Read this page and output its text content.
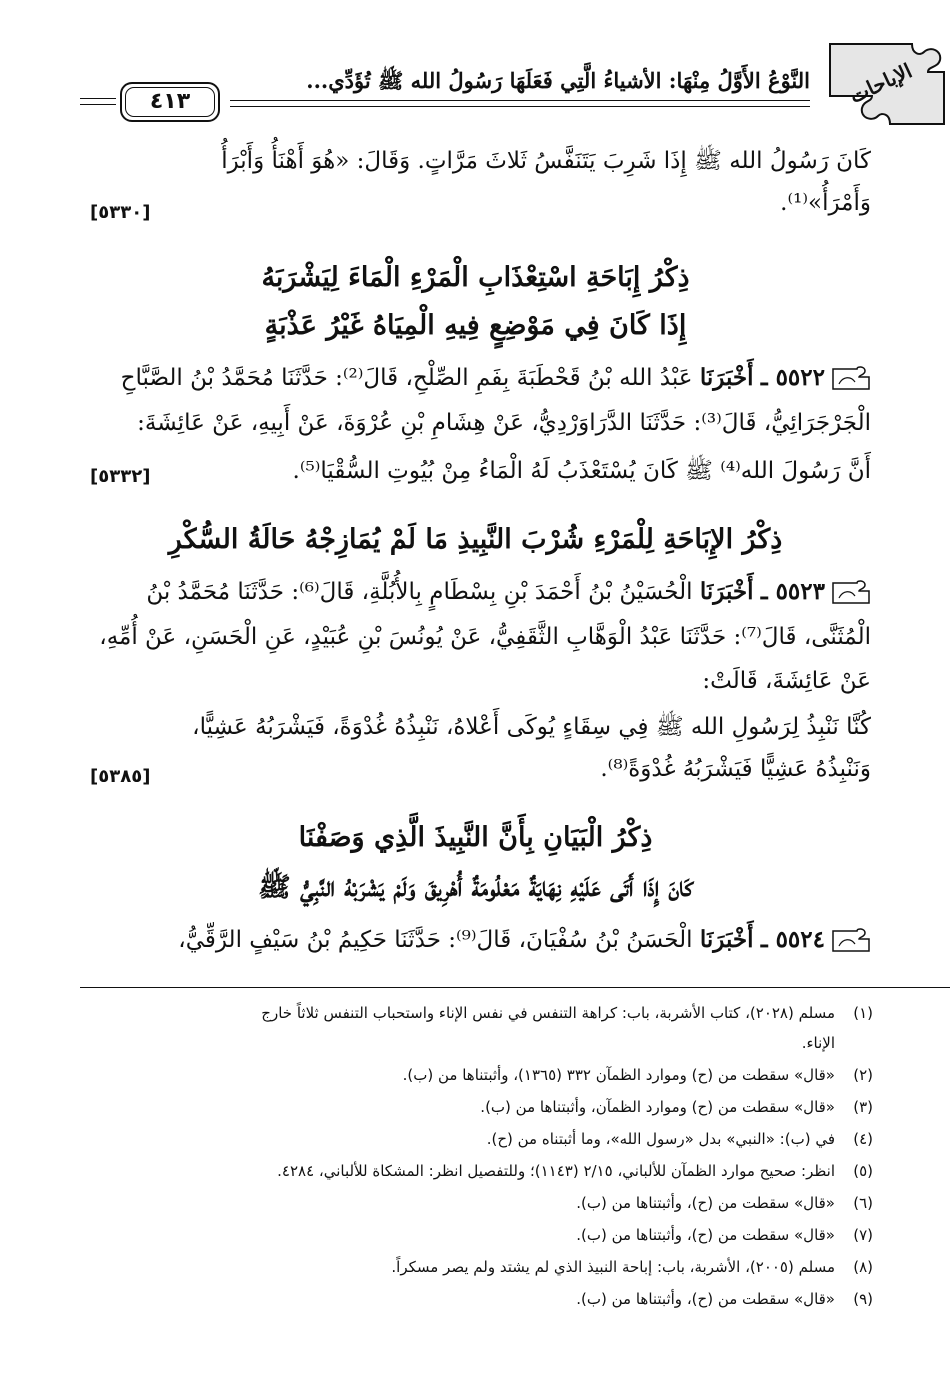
الإباحات
النَّوْعُ الأَوَّلُ مِنْهَا: الأشياءُ الَّتِي فَعَلَهَا رَسُولُ الله ﷺ تُؤَدِّي...
٤١٣
كَانَ رَسُولُ الله ﷺ إِذَا شَرِبَ يَتَنَفَّسُ ثَلاثَ مَرَّاتٍ. وَقَالَ: «هُوَ أَهْنَأُ وَأَبْرَأُ
وَأَمْرَأُ»⁽¹⁾.
[٥٣٣٠]
ذِكْرُ إِبَاحَةِ اسْتِعْذَابِ الْمَرْءِ الْمَاءَ لِيَشْرَبَهُ
إِذَا كَانَ فِي مَوْضِعٍ فِيهِ الْمِيَاهُ غَيْرُ عَذْبَةٍ
٥٥٢٢ ـ أَخْبَرَنَا عَبْدُ الله بْنُ قَحْطَبَةَ بِفَمِ الصِّلْحِ، قَالَ⁽²⁾: حَدَّثَنَا مُحَمَّدُ بْنُ الصَّبَّاحِ
الْجَرْجَرَائِيُّ، قَالَ⁽³⁾: حَدَّثَنَا الدَّرَاوَرْدِيُّ، عَنْ هِشَامِ بْنِ عُرْوَةَ، عَنْ أَبِيهِ، عَنْ عَائِشَةَ:
أَنَّ رَسُولَ الله⁽⁴⁾ ﷺ كَانَ يُسْتَعْذَبُ لَهُ الْمَاءُ مِنْ بُيُوتِ السُّقْيَا⁽⁵⁾.
[٥٣٣٢]
ذِكْرُ الإِبَاحَةِ لِلْمَرْءِ شُرْبَ النَّبِيذِ مَا لَمْ يُمَازِجْهُ حَالَةُ السُّكْرِ
٥٥٢٣ ـ أَخْبَرَنَا الْحُسَيْنُ بْنُ أَحْمَدَ بْنِ بِسْطَامٍ بِالأُبُلَّةِ، قَالَ⁽⁶⁾: حَدَّثَنَا مُحَمَّدُ بْنُ
الْمُثَنَّى، قَالَ⁽⁷⁾: حَدَّثَنَا عَبْدُ الْوَهَّابِ الثَّقَفِيُّ، عَنْ يُونُسَ بْنِ عُبَيْدٍ، عَنِ الْحَسَنِ، عَنْ أُمِّهِ،
عَنْ عَائِشَةَ، قَالَتْ:
كُنَّا نَنْبِذُ لِرَسُولِ الله ﷺ فِي سِقَاءٍ يُوكَى أَعْلاهُ، نَنْبِذُهُ غُدْوَةً، فَيَشْرَبُهُ عَشِيًّا،
وَنَنْبِذُهُ عَشِيًّا فَيَشْرَبُهُ غُدْوَةً⁽⁸⁾.
[٥٣٨٥]
ذِكْرُ الْبَيَانِ بِأَنَّ النَّبِيذَ الَّذِي وَصَفْنَا
كَانَ إِذَا أَتَى عَلَيْهِ نِهَايَةٌ مَعْلُومَةٌ أُهْرِيقَ وَلَمْ يَشْرَبْهُ النَّبِيُّ ﷺ
٥٥٢٤ ـ أَخْبَرَنَا الْحَسَنُ بْنُ سُفْيَانَ، قَالَ⁽⁹⁾: حَدَّثَنَا حَكِيمُ بْنُ سَيْفٍ الرَّقِّيُّ،
(١)مسلم (٢٠٢٨)، كتاب الأشربة، باب: كراهة التنفس في نفس الإناء واستحباب التنفس ثلاثاً خارج
الإناء.
(٢)«قال» سقطت من (ح) وموارد الظمآن ٣٣٢ (١٣٦٥)، وأثبتناها من (ب).
(٣)«قال» سقطت من (ح) وموارد الظمآن، وأثبتناها من (ب).
(٤)في (ب): «النبي» بدل «رسول الله»، وما أثبتناه من (ح).
(٥)انظر: صحيح موارد الظمآن للألباني، ٢/١٥ (١١٤٣)؛ وللتفصيل انظر: المشكاة للألباني، ٤٢٨٤.
(٦)«قال» سقطت من (ح)، وأثبتناها من (ب).
(٧)«قال» سقطت من (ح)، وأثبتناها من (ب).
(٨)مسلم (٢٠٠٥)، الأشربة، باب: إباحة النبيذ الذي لم يشتد ولم يصر مسكراً.
(٩)«قال» سقطت من (ح)، وأثبتناها من (ب).
